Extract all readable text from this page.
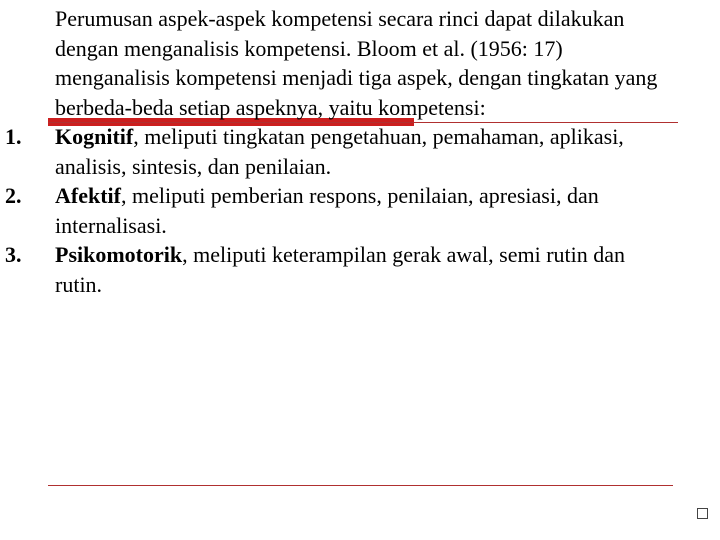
Perumusan aspek-aspek kompetensi secara rinci dapat dilakukan dengan menganalisis kompetensi. Bloom et al. (1956: 17) menganalisis kompetensi menjadi tiga aspek, dengan tingkatan yang berbeda-beda setiap aspeknya, yaitu kompetensi:

1. Kognitif, meliputi tingkatan pengetahuan, pemahaman, aplikasi, analisis, sintesis, dan penilaian.
2. Afektif, meliputi pemberian respons, penilaian, apresiasi, dan internalisasi.
3. Psikomotorik, meliputi keterampilan gerak awal, semi rutin dan rutin.
